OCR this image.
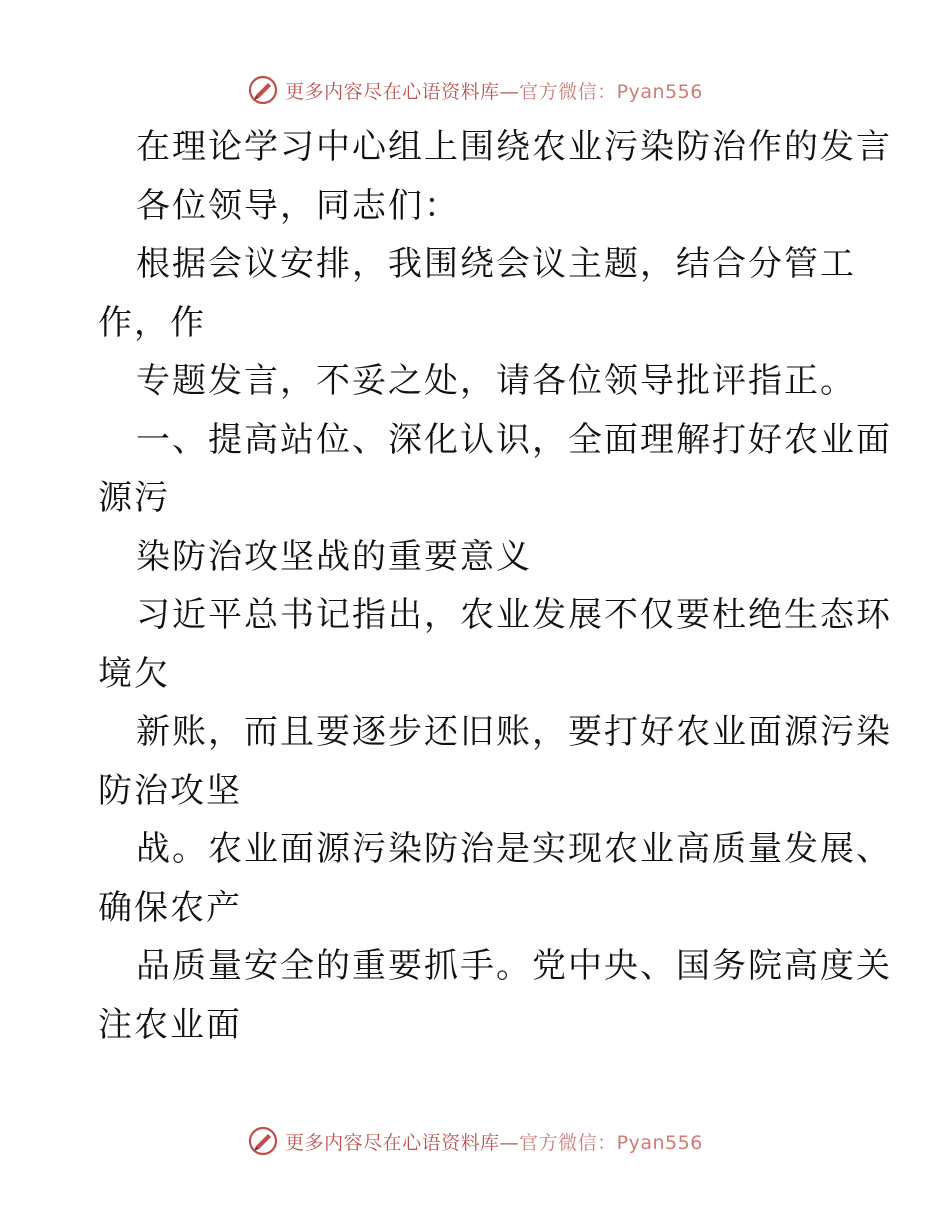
更多内容尽在心语资料库— 官方微信：Pyan556
在理论学习中心组上围绕农业污染防治作的发言
各位领导，同志们：
根据会议安排，我围绕会议主题，结合分管工
作，作
专题发言，不妥之处，请各位领导批评指正。
一、提高站位、深化认识，全面理解打好农业面
源污
染防治攻坚战的重要意义
习近平总书记指出，农业发展不仅要杜绝生态环
境欠
新账，而且要逐步还旧账，要打好农业面源污染
防治攻坚
战。农业面源污染防治是实现农业高质量发展、
确保农产
品质量安全的重要抓手。党中央、国务院高度关
注农业面
更多内容尽在心语资料库— 官方微信：Pyan556
